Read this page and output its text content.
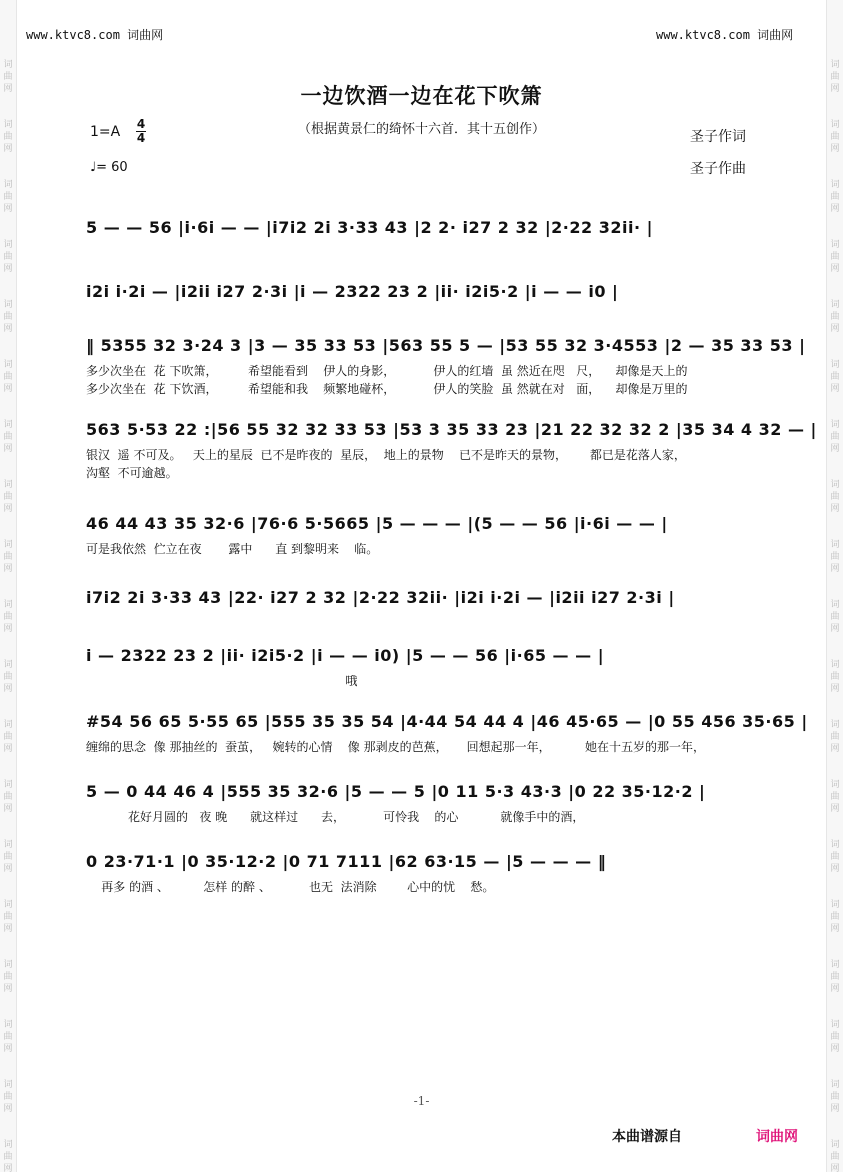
词
曲
网
词
曲
网
词
曲
网
词
曲
网
词
曲
网
词
曲
网
词
曲
网
词
曲
网
词
曲
网
词
曲
网
词
曲
网
词
曲
网
词
曲
网
词
曲
网
词
曲
网
词
曲
网
词
曲
网
词
曲
网
词
曲
网
词
曲
网
词
曲
网
词
曲
网
词
曲
网
词
曲
网
词
曲
网
词
曲
网
词
曲
网
词
曲
网
词
曲
网
词
曲
网
词
曲
网
词
曲
网
词
曲
网
词
曲
网
词
曲
网
词
曲
网
词
曲
网
词
曲
网
www.ktvc8.com 词曲网	www.ktvc8.com 词曲网
一边饮酒一边在花下吹箫
（根据黄景仁的绮怀十六首．其十五创作）
1=A 4
4
♩= 60
圣子作词
圣子作曲
5 — — 56 |i·6i — — |i7i2 2i 3·33 43 |2 2· i27 2 32 |2·22 32ii· |
i2i i·2i — |i2ii i27 2·3i |i — 2322 23 2 |ii· i2i5·2 |i — — i0 |
‖ 5355 32 3·24 3 |3 — 35 33 53 |563 55 5 — |53 55 32 3·4553 |2 — 35 33 53 |
多少次坐在  花 下吹箫，        希望能看到    伊人的身影，          伊人的红墙  虽 然近在咫   尺，    却像是天上的
多少次坐在  花 下饮酒，        希望能和我    频繁地碰杯，          伊人的笑脸  虽 然就在对   面，    却像是万里的
563 5·53 22 :|56 55 32 32 33 53 |53 3 35 33 23 |21 22 32 32 2 |35 34 4 32 — |
银汉  遥 不可及。   天上的星辰  已不是昨夜的  星辰，  地上的景物    已不是昨天的景物，      都已是花落人家，
沟壑  不可逾越。
46 44 43 35 32·6 |76·6 5·5665 |5 — — — |(5 — — 56 |i·6i — — |
可是我依然  伫立在夜       露中      直 到黎明来    临。
i7i2 2i 3·33 43 |22· i27 2 32 |2·22 32ii· |i2i i·2i — |i2ii i27 2·3i |
i — 2322 23 2 |ii· i2i5·2 |i — — i0) |5 — — 56 |i·65 — — |
哦
#54 56 65 5·55 65 |555 35 35 54 |4·44 54 44 4 |46 45·65 — |0 55 456 35·65 |
缠绵的思念  像 那抽丝的  蚕茧，   婉转的心情    像 那剥皮的芭蕉，     回想起那一年，         她在十五岁的那一年，
5 — 0 44 46 4 |555 35 32·6 |5 — — 5 |0 11 5·3 43·3 |0 22 35·12·2 |
花好月圆的   夜 晚      就这样过      去，          可怜我    的心           就像手中的酒，
0 23·71·1 |0 35·12·2 |0 71 7111 |62 63·15 — |5 — — — ‖
再多 的酒 、         怎样 的醉 、          也无  法消除        心中的忧    愁。
-1-
本曲谱源自	词曲网
